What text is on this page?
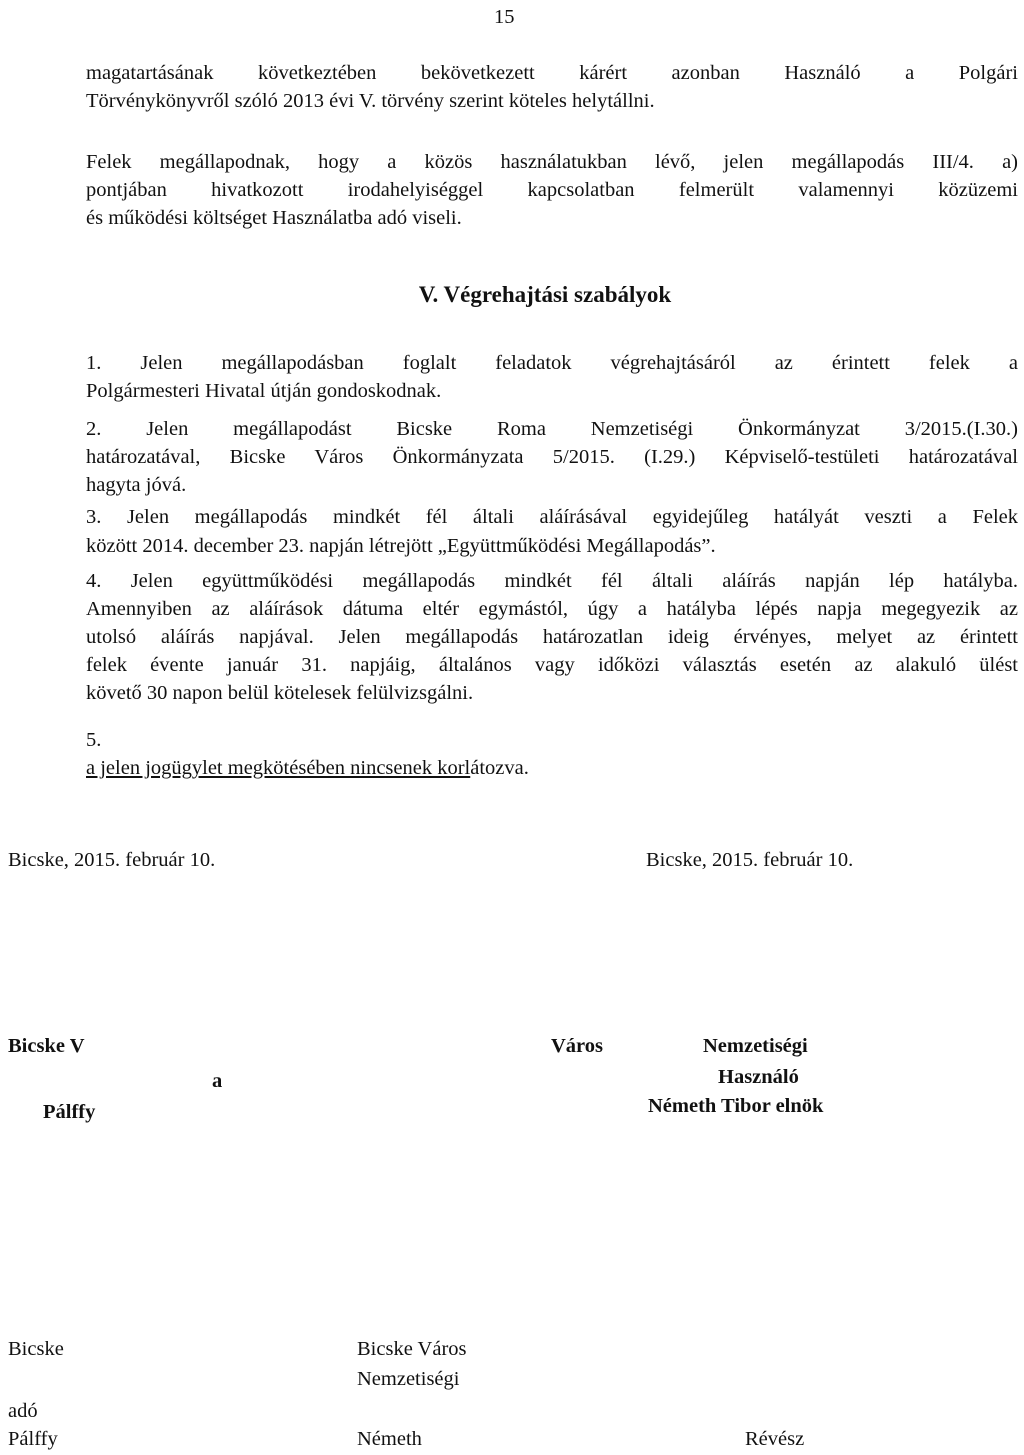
15

magatartásának következtében bekövetkezett kárért azonban Használó a Polgári

Törvénykönyvről szóló 2013 évi V. törvény szerint köteles helytállni.

Felek megállapodnak, hogy a közös használatukban lévő, jelen megállapodás III/4. a)

pontjában hivatkozott irodahelyiséggel kapcsolatban felmerült valamennyi közüzemi

és működési költséget Használatba adó viseli.

V. Végrehajtási szabályok

1. Jelen megállapodásban foglalt feladatok végrehajtásáról az érintett felek a

Polgármesteri Hivatal útján gondoskodnak.

2. Jelen megállapodást Bicske Roma Nemzetiségi Önkormányzat 3/2015.(I.30.)

határozatával, Bicske Város Önkormányzata 5/2015. (I.29.) Képviselő-testületi határozatával

hagyta jóvá.

3. Jelen megállapodás mindkét fél általi aláírásával egyidejűleg hatályát veszti a Felek

között 2014. december 23. napján létrejött „Együttműködési Megállapodás”.

4. Jelen együttműködési megállapodás mindkét fél általi aláírás napján lép hatályba.

Amennyiben az aláírások dátuma eltér egymástól, úgy a hatályba lépés napja megegyezik az

utolsó aláírás napjával. Jelen megállapodás határozatlan ideig érvényes, melyet az érintett

felek évente január 31. napjáig, általános vagy időközi választás esetén az alakuló ülést

követő 30 napon belül kötelesek felülvizsgálni.

5.

a jelen jogügylet megkötésében nincsenek korlátozva.

Bicske, 2015. február 10.	Bicske, 2015. február 10.

Bicske V

Pálffy

a

Város	Nemzetiségi

Használó

Németh Tibor elnök

Bicske

adó

Pálffy

Bicske Város

Nemzetiségi

Németh	Révész
